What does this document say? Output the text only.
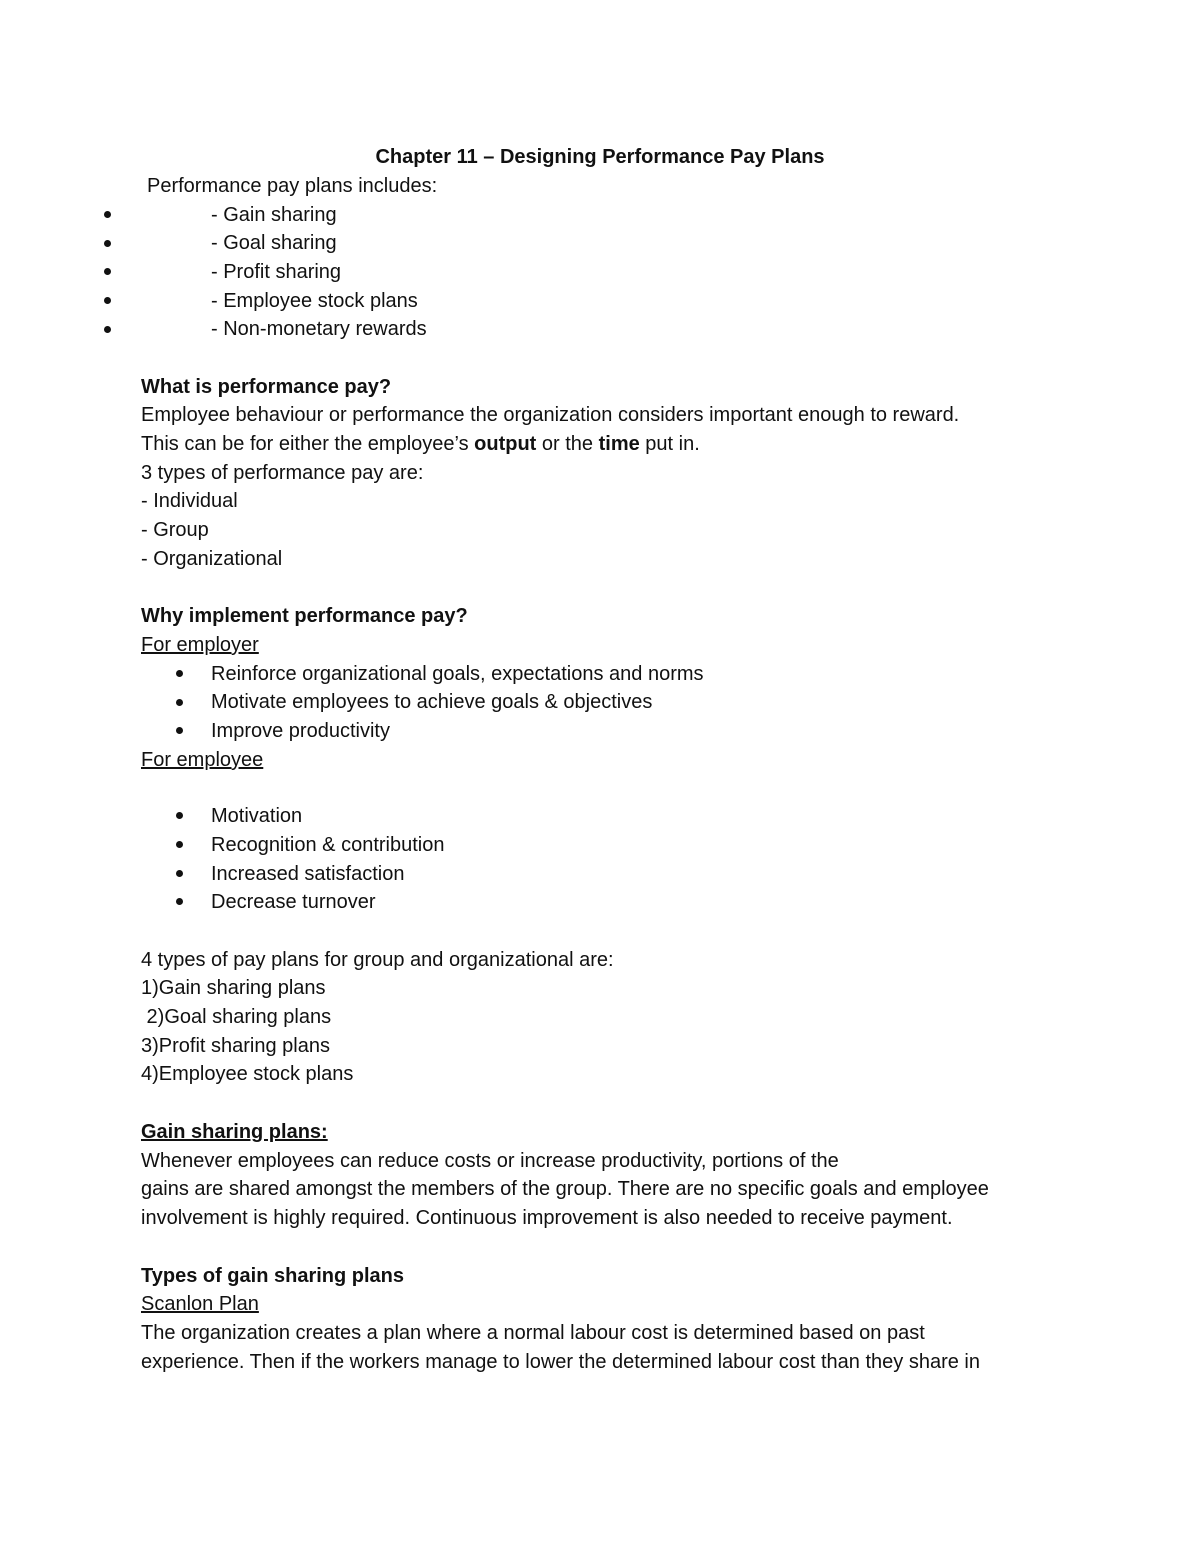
Chapter 11 – Designing Performance Pay Plans
Performance pay plans includes:
- Gain sharing
- Goal sharing
- Profit sharing
- Employee stock plans
- Non-monetary rewards
What is performance pay?
Employee behaviour or performance the organization considers important enough to reward.
This can be for either the employee’s output or the time put in.
3 types of performance pay are:
- Individual
- Group
- Organizational
Why implement performance pay?
For employer
Reinforce organizational goals, expectations and norms
Motivate employees to achieve goals & objectives
Improve productivity
For employee
Motivation
Recognition & contribution
Increased satisfaction
Decrease turnover
4 types of pay plans for group and organizational are:
1)Gain sharing plans
2)Goal sharing plans
3)Profit sharing plans
4)Employee stock plans
Gain sharing plans:
Whenever employees can reduce costs or increase productivity, portions of the
gains are shared amongst the members of the group. There are no specific goals and employee
involvement is highly required. Continuous improvement is also needed to receive payment.
Types of gain sharing plans
Scanlon Plan
The organization creates a plan where a normal labour cost is determined based on past
experience. Then if the workers manage to lower the determined labour cost than they share in
